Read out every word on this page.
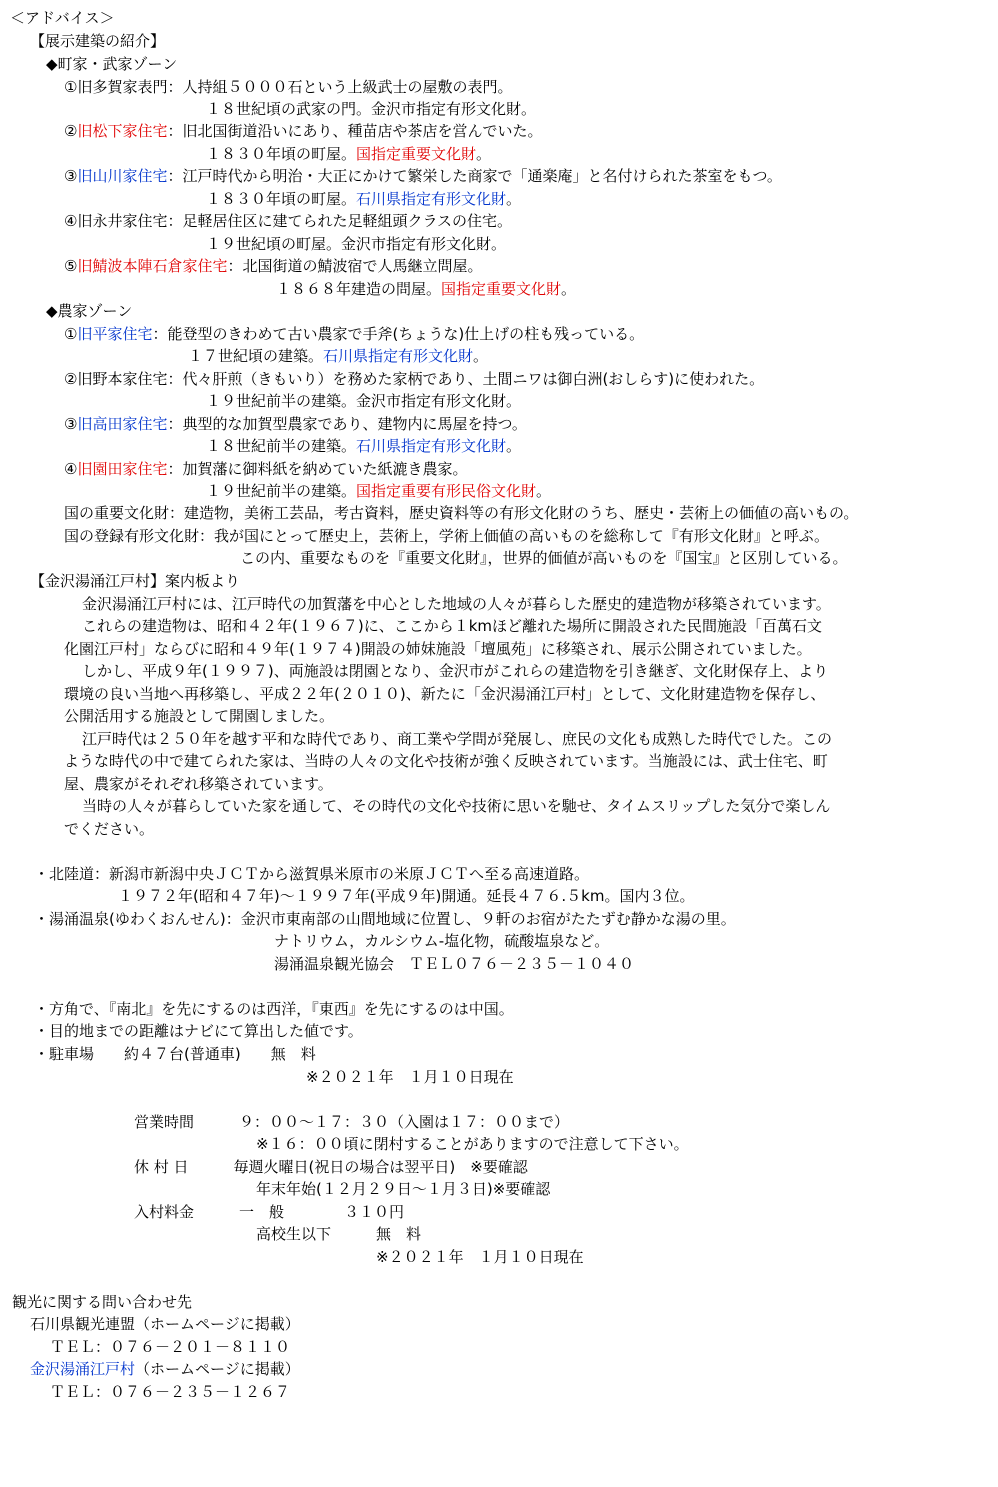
＜アドバイス＞
【展示建築の紹介】
◆町家・武家ゾーン
①旧多賀家表門：人持組５０００石という上級武士の屋敷の表門。
１８世紀頃の武家の門。金沢市指定有形文化財。
②旧松下家住宅：旧北国街道沿いにあり、種苗店や茶店を営んでいた。
１８３０年頃の町屋。国指定重要文化財。
③旧山川家住宅：江戸時代から明治・大正にかけて繁栄した商家で「通楽庵」と名付けられた茶室をもつ。
１８３０年頃の町屋。石川県指定有形文化財。
④旧永井家住宅：足軽居住区に建てられた足軽組頭クラスの住宅。
１９世紀頃の町屋。金沢市指定有形文化財。
⑤旧鯖波本陣石倉家住宅：北国街道の鯖波宿で人馬継立問屋。
１８６８年建造の問屋。国指定重要文化財。
◆農家ゾーン
①旧平家住宅：能登型のきわめて古い農家で手斧(ちょうな)仕上げの柱も残っている。
１７世紀頃の建築。石川県指定有形文化財。
②旧野本家住宅：代々肝煎（きもいり）を務めた家柄であり、土間ニワは御白洲(おしらす)に使われた。
１９世紀前半の建築。金沢市指定有形文化財。
③旧高田家住宅：典型的な加賀型農家であり、建物内に馬屋を持つ。
１８世紀前半の建築。石川県指定有形文化財。
④旧園田家住宅：加賀藩に御料紙を納めていた紙漉き農家。
１９世紀前半の建築。国指定重要有形民俗文化財。
国の重要文化財：建造物，美術工芸品，考古資料，歴史資料等の有形文化財のうち、歴史・芸術上の価値の高いもの。
国の登録有形文化財：我が国にとって歴史上，芸術上，学術上価値の高いものを総称して『有形文化財』と呼ぶ。
この内、重要なものを『重要文化財』，世界的価値が高いものを『国宝』と区別している。
【金沢湯涌江戸村】案内板より
金沢湯涌江戸村には、江戸時代の加賀藩を中心とした地域の人々が暮らした歴史的建造物が移築されています。
これらの建造物は、昭和４２年(１９６７)に、ここから１kmほど離れた場所に開設された民間施設「百萬石文
化園江戸村」ならびに昭和４９年(１９７４)開設の姉妹施設「壇風苑」に移築され、展示公開されていました。
しかし、平成９年(１９９７)、両施設は閉園となり、金沢市がこれらの建造物を引き継ぎ、文化財保存上、より
環境の良い当地へ再移築し、平成２２年(２０１０)、新たに「金沢湯涌江戸村」として、文化財建造物を保存し、
公開活用する施設として開園しました。
江戸時代は２５０年を越す平和な時代であり、商工業や学問が発展し、庶民の文化も成熟した時代でした。この
ような時代の中で建てられた家は、当時の人々の文化や技術が強く反映されています。当施設には、武士住宅、町
屋、農家がそれぞれ移築されています。
当時の人々が暮らしていた家を通して、その時代の文化や技術に思いを馳せ、タイムスリップした気分で楽しん
でください。
・北陸道：新潟市新潟中央ＪＣＴから滋賀県米原市の米原ＪＣＴへ至る高速道路。
１９７２年(昭和４７年)～１９９７年(平成９年)開通。延長４７６.５km。国内３位。
・湯涌温泉(ゆわくおんせん)：金沢市東南部の山間地域に位置し、９軒のお宿がたたずむ静かな湯の里。
ナトリウム，カルシウム-塩化物，硫酸塩泉など。
湯涌温泉観光協会　ＴＥＬ０７６－２３５－１０４０
・方角で、『南北』を先にするのは西洋，『東西』を先にするのは中国。
・目的地までの距離はナビにて算出した値です。
・駐車場　　約４７台(普通車)　　無　料
※２０２１年　１月１０日現在
営業時間　　　９：００～１７：３０（入園は１７：００まで）
※１６：００頃に閉村することがありますので注意して下さい。
休 村 日　　　毎週火曜日(祝日の場合は翌平日)　※要確認
年末年始(１２月２９日～１月３日)※要確認
入村料金　　　一　般　　　　３１０円
高校生以下　　　無　料
※２０２１年　１月１０日現在
観光に関する問い合わせ先
石川県観光連盟（ホームページに掲載）
ＴＥＬ：０７６－２０１－８１１０
金沢湯涌江戸村（ホームページに掲載）
ＴＥＬ：０７６－２３５－１２６７
